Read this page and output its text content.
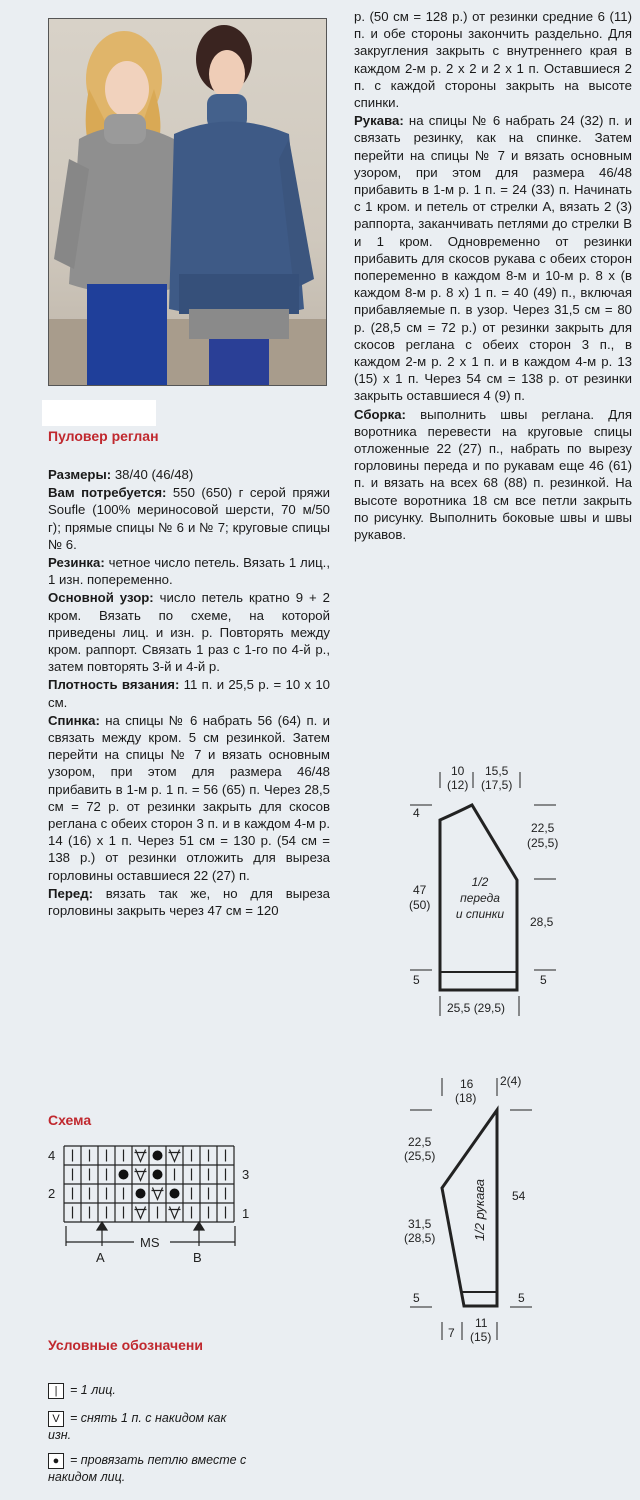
Пуловер реглан

Размеры: 38/40 (46/48)

Вам потребуется: 550 (650) г серой пряжи Soufle (100% мериносовой шерсти, 70 м/50 г); прямые спицы № 6 и № 7; круговые спицы № 6.

Резинка: четное число петель. Вязать 1 лиц., 1 изн. попеременно.

Основной узор: число петель кратно 9 + 2 кром. Вязать по схеме, на которой приведены лиц. и изн. р. Повторять между кром. раппорт. Связать 1 раз с 1-го по 4-й р., затем повторять 3-й и 4-й р.

Плотность вязания: 11 п. и 25,5 р. = 10 х 10 см.

Спинка: на спицы № 6 набрать 56 (64) п. и связать между кром. 5 см резинкой. Затем перейти на спицы № 7 и вязать основным узором, при этом для размера 46/48 прибавить в 1-м р. 1 п. = 56 (65) п. Через 28,5 см = 72 р. от резинки закрыть для скосов реглана с обеих сторон 3 п. и в каждом 4-м р. 14 (16) х 1 п. Через 51 см = 130 р. (54 см = 138 р.) от резинки отложить для выреза горловины оставшиеся 22 (27) п.

Перед: вязать так же, но для выреза горловины закрыть через 47 см = 120

р. (50 см = 128 р.) от резинки средние 6 (11) п. и обе стороны закончить раздельно. Для закругления закрыть с внутреннего края в каждом 2-м р. 2 х 2 и 2 х 1 п. Оставшиеся 2 п. с каждой стороны закрыть на высоте спинки.

Рукава: на спицы № 6 набрать 24 (32) п. и связать резинку, как на спинке. Затем перейти на спицы № 7 и вязать основным узором, при этом для размера 46/48 прибавить в 1-м р. 1 п. = 24 (33) п. Начинать с 1 кром. и петель от стрелки А, вязать 2 (3) раппорта, заканчивать петлями до стрелки В и 1 кром. Одновременно от резинки прибавить для скосов рукава с обеих сторон попеременно в каждом 8-м и 10-м р. 8 х (в каждом 8-м р. 8 х) 1 п. = 40 (49) п., включая прибавляемые п. в узор. Через 31,5 см = 80 р. (28,5 см = 72 р.) от резинки закрыть для скосов реглана с обеих сторон 3 п., в каждом 2-м р. 2 х 1 п. и в каждом 4-м р. 13 (15) х 1 п. Через 54 см = 138 р. от резинки закрыть оставшиеся 4 (9) п.

Сборка: выполнить швы реглана. Для воротника перевести на круговые спицы отложенные 22 (27) п., набрать по вырезу горловины переда и по рукавам еще 46 (61) п. и вязать на всех 68 (88) п. резинкой. На высоте воротника 18 см все петли закрыть по рисунку. Выполнить боковые швы и швы рукавов.

10
(12)
15,5
(17,5)
4
22,5
(25,5)
47
(50)
28,5
5	5
25,5 (29,5)
1/2
переда
и спинки
16
(18)
2(4)
22,5
(25,5)
54
31,5
(28,5)
5	5
7
11
(15)
1/2 рукава
Схема
4
2
3
1
A	B
MS
Условные обозначени
| = 1 лиц.
V = снять 1 п. с накидом как изн.
● = провязать петлю вместе с накидом лиц.
